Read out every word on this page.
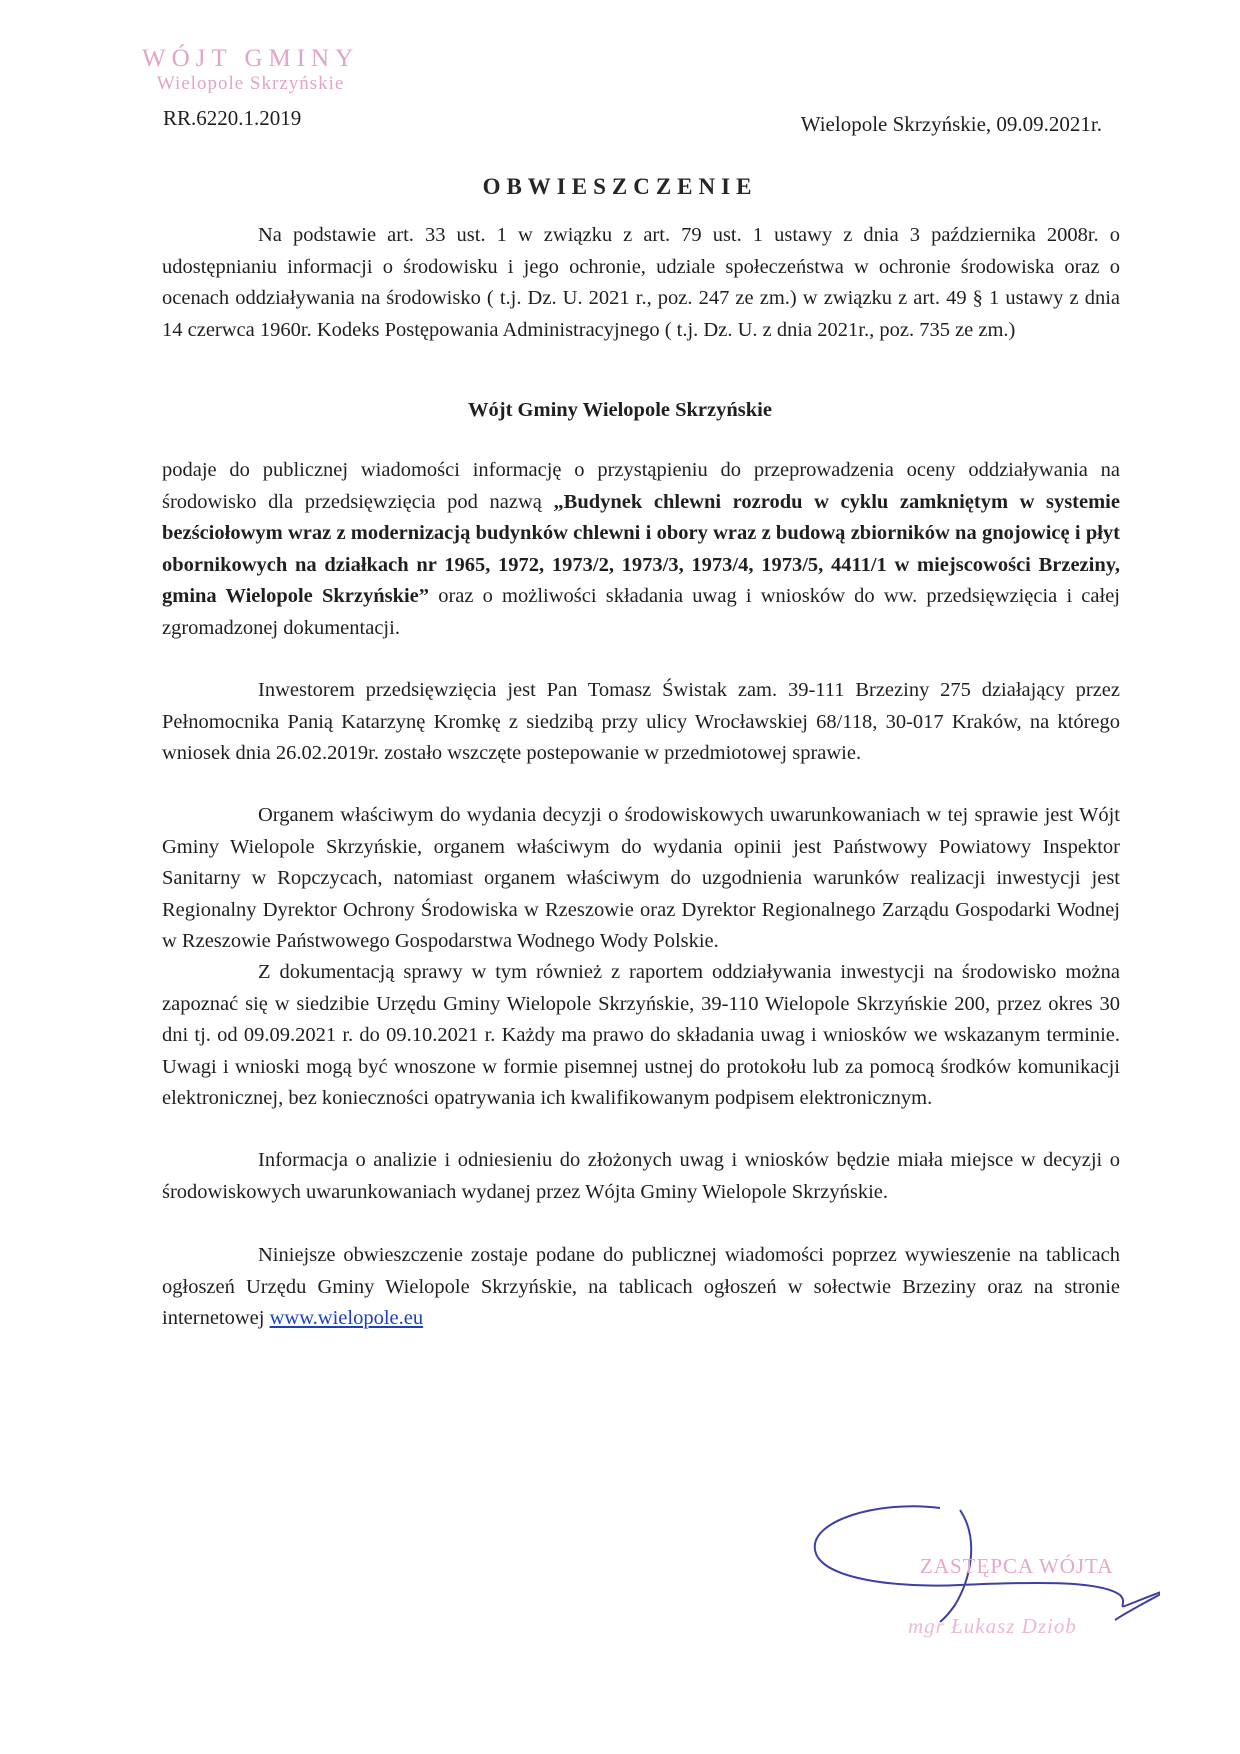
WÓJT GMINY
Wielopole Skrzyńskie
RR.6220.1.2019	Wielopole Skrzyńskie, 09.09.2021r.
OBWIESZCZENIE
Na podstawie art. 33 ust. 1 w związku z art. 79 ust. 1 ustawy z dnia 3 października 2008r. o udostępnianiu informacji o środowisku i jego ochronie, udziale społeczeństwa w ochronie środowiska oraz o ocenach oddziaływania na środowisko ( t.j. Dz. U. 2021 r., poz. 247 ze zm.) w związku z art. 49 § 1 ustawy z dnia 14 czerwca 1960r. Kodeks Postępowania Administracyjnego ( t.j. Dz. U. z dnia 2021r., poz. 735 ze zm.)
Wójt Gminy Wielopole Skrzyńskie
podaje do publicznej wiadomości informację o przystąpieniu do przeprowadzenia oceny oddziaływania na środowisko dla przedsięwzięcia pod nazwą „Budynek chlewni rozrodu w cyklu zamkniętym w systemie bezściołowym wraz z modernizacją budynków chlewni i obory wraz z budową zbiorników na gnojowicę i płyt obornikowych na działkach nr 1965, 1972, 1973/2, 1973/3, 1973/4, 1973/5, 4411/1 w miejscowości Brzeziny, gmina Wielopole Skrzyńskie” oraz o możliwości składania uwag i wniosków do ww. przedsięwzięcia i całej zgromadzonej dokumentacji.
Inwestorem przedsięwzięcia jest Pan Tomasz Świstak zam. 39-111 Brzeziny 275 działający przez Pełnomocnika Panią Katarzynę Kromkę z siedzibą przy ulicy Wrocławskiej 68/118, 30-017 Kraków, na którego wniosek dnia 26.02.2019r. zostało wszczęte postepowanie w przedmiotowej sprawie.
Organem właściwym do wydania decyzji o środowiskowych uwarunkowaniach w tej sprawie jest Wójt Gminy Wielopole Skrzyńskie, organem właściwym do wydania opinii jest Państwowy Powiatowy Inspektor Sanitarny w Ropczycach, natomiast organem właściwym do uzgodnienia warunków realizacji inwestycji jest Regionalny Dyrektor Ochrony Środowiska w Rzeszowie oraz Dyrektor Regionalnego Zarządu Gospodarki Wodnej w Rzeszowie Państwowego Gospodarstwa Wodnego Wody Polskie.
Z dokumentacją sprawy w tym również z raportem oddziaływania inwestycji na środowisko można zapoznać się w siedzibie Urzędu Gminy Wielopole Skrzyńskie, 39-110 Wielopole Skrzyńskie 200, przez okres 30 dni tj. od 09.09.2021 r. do 09.10.2021 r. Każdy ma prawo do składania uwag i wniosków we wskazanym terminie. Uwagi i wnioski mogą być wnoszone w formie pisemnej ustnej do protokołu lub za pomocą środków komunikacji elektronicznej, bez konieczności opatrywania ich kwalifikowanym podpisem elektronicznym.
Informacja o analizie i odniesieniu do złożonych uwag i wniosków będzie miała miejsce w decyzji o środowiskowych uwarunkowaniach wydanej przez Wójta Gminy Wielopole Skrzyńskie.
Niniejsze obwieszczenie zostaje podane do publicznej wiadomości poprzez wywieszenie na tablicach ogłoszeń Urzędu Gminy Wielopole Skrzyńskie, na tablicach ogłoszeń w sołectwie Brzeziny oraz na stronie internetowej www.wielopole.eu
ZASTĘPCA WÓJTA
mgr Łukasz Dziob
